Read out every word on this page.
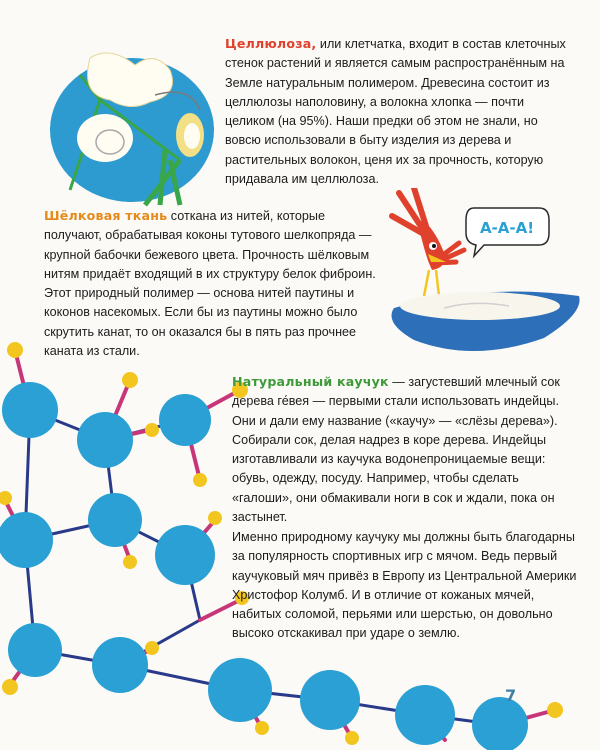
Целлюлоза, или клетчатка, входит в состав клеточных стенок растений и является самым распространённым на Земле натуральным полимером. Древесина состоит из целлюлозы наполовину, а волокна хлопка — почти целиком (на 95%). Наши предки об этом не знали, но вовсю использовали в быту изделия из дерева и растительных волокон, ценя их за прочность, которую придавала им целлюлоза.

Шёлковая ткань соткана из нитей, которые получают, обрабатывая коконы тутового шелкопряда — крупной бабочки бежевого цвета. Прочность шёлковым нитям придаёт входящий в их структуру белок фиброин. Этот природный полимер — основа нитей паутины и коконов насекомых. Если бы из паутины можно было скрутить канат, то он оказался бы в пять раз прочнее каната из стали.

А-А-А!

Натуральный каучук — загустевший млечный сок дерева ге́вея — первыми стали использовать индейцы. Они и дали ему название («каучу» — «слёзы дерева»). Собирали сок, делая надрез в коре дерева. Индейцы изготавливали из каучука водонепроницаемые вещи: обувь, одежду, посуду. Например, чтобы сделать «галоши», они обмакивали ноги в сок и ждали, пока он застынет.

Именно природному каучуку мы должны быть благодарны за популярность спортивных игр с мячом. Ведь первый каучуковый мяч привёз в Европу из Центральной Америки Христофор Колумб. И в отличие от кожаных мячей, набитых соломой, перьями или шерстью, он довольно высоко отскакивал при ударе о землю.

7
